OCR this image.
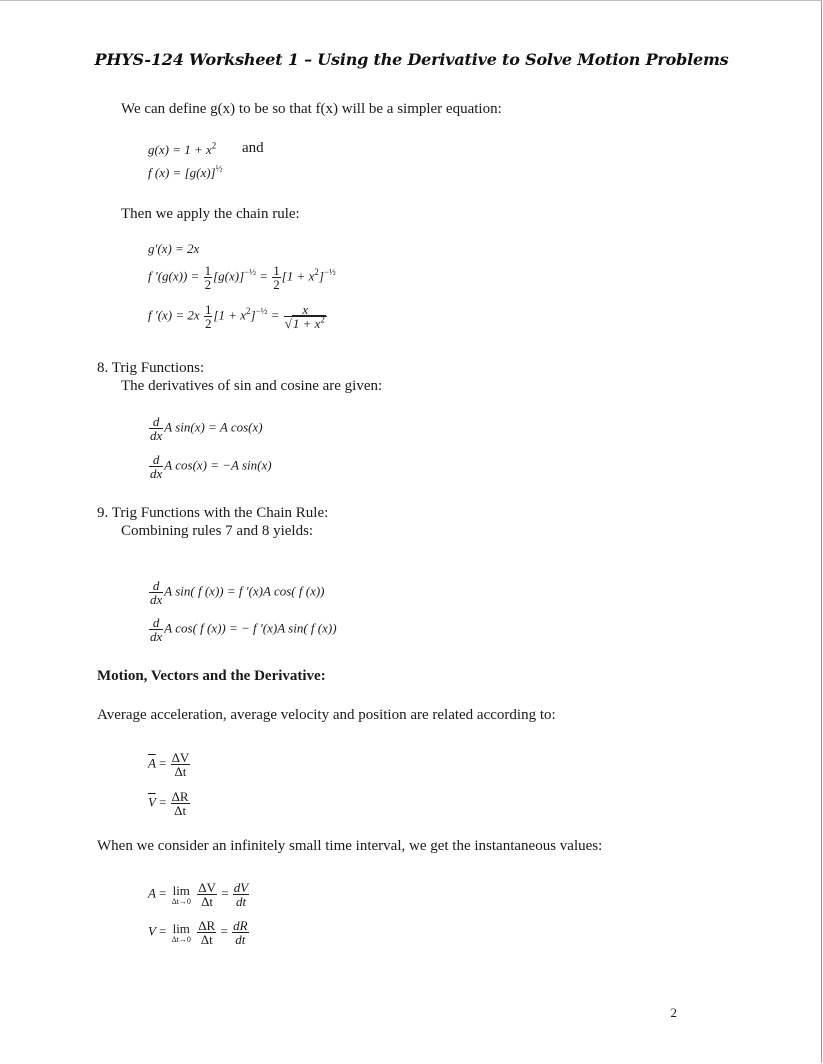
PHYS-124 Worksheet 1 – Using the Derivative to Solve Motion Problems
We can define g(x) to be so that f(x) will be a simpler equation:
$g(x) = 1 + x^2$ and
f $(x) = [g(x)]^{\frac{1}{2}}$
Then we apply the chain rule:
g′(x) = 2x
f $'(g(x)) = \frac{1}{2} [g(x)]^{-\frac{1}{2}} = \frac{1}{2} [1 + x^2]^{-\frac{1}{2}}$
f $'(x) = 2x \frac{1}{2} [1 + x^2]^{-\frac{1}{2}} = \frac{x}{√1 + x^2}$
8. Trig Functions:
The derivatives of sin and cosine are given:
$\frac{d}{dx}$ A sin(x) = A cos(x)
$\frac{d}{dx}$ A cos(x) = −A sin(x)
9. Trig Functions with the Chain Rule:
Combining rules 7 and 8 yields:
$\frac{d}{dx}$ A sin( f (x)) = f ′(x)A cos( f (x))
$\frac{d}{dx}$ A cos( f (x)) = − f ′(x)A sin( f (x))
Motion, Vectors and the Derivative:
Average acceleration, average velocity and position are related according to:
$\overline{A} = \frac{\Delta V}{\Delta t}$
$\overline{V} = \frac{\Delta R}{\Delta t}$
When we consider an infinitely small time interval, we get the instantaneous values:
A = lim
Δt→0
$\frac{\Delta V}{\Delta t} = \frac{dV}{dt}$
V = lim
Δt→0
$\frac{\Delta R}{\Delta t} = \frac{dR}{dt}$
2
